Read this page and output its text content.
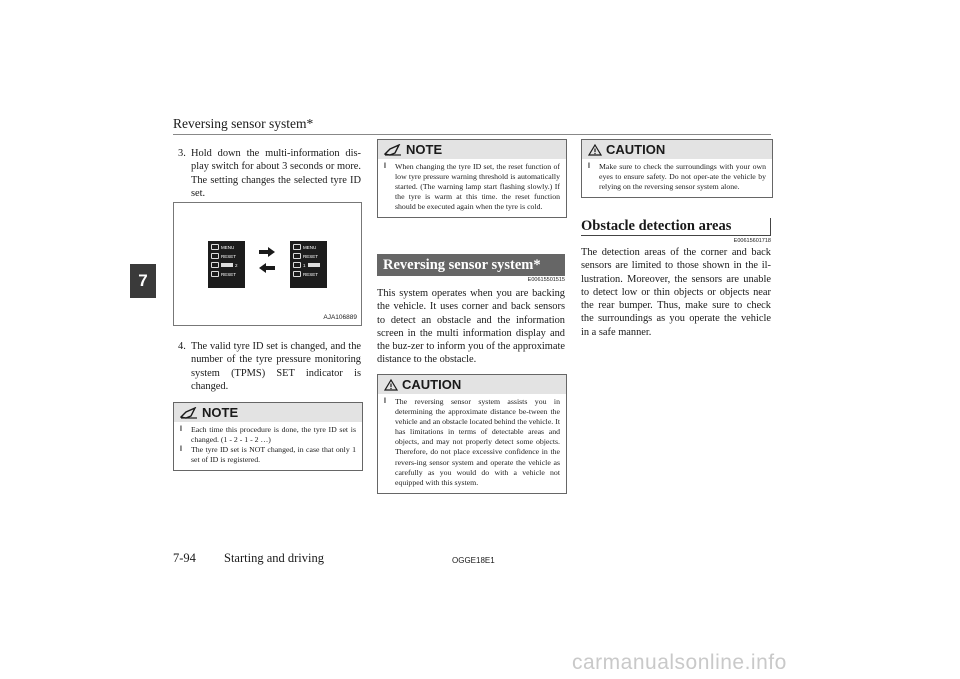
Reversing sensor system*
7
3. Hold down the multi-information dis-play switch for about 3 seconds or more. The setting changes the selected tyre ID set.
MENU
RESET
2
RESET
MENU
RESET
1
RESET
AJA106889
4. The valid tyre ID set is changed, and the number of the tyre pressure monitoring system (TPMS) SET indicator is changed.
NOTE
l Each time this procedure is done, the tyre ID set is changed. (1 - 2 - 1 - 2 …)
l The tyre ID set is NOT changed, in case that only 1 set of ID is registered.
NOTE
l When changing the tyre ID set, the reset function of low tyre pressure warning threshold is automatically started. (The warning lamp start flashing slowly.) If the tyre is warm at this time. the reset function should be executed again when the tyre is cold.
Reversing sensor system*
E00615501515
This system operates when you are backing the vehicle. It uses corner and back sensors to detect an obstacle and the information screen in the multi information display and the buz-zer to inform you of the approximate distance to the obstacle.
CAUTION
l The reversing sensor system assists you in determining the approximate distance be-tween the vehicle and an obstacle located behind the vehicle. It has limitations in terms of detectable areas and objects, and may not properly detect some objects. Therefore, do not place excessive confidence in the revers-ing sensor system and operate the vehicle as carefully as you would do with a vehicle not equipped with this system.
CAUTION
l Make sure to check the surroundings with your own eyes to ensure safety. Do not oper-ate the vehicle by relying on the reversing sensor system alone.
Obstacle detection areas
E00615601718
The detection areas of the corner and back sensors are limited to those shown in the il-lustration. Moreover, the sensors are unable to detect low or thin objects or objects near the rear bumper. Thus, make sure to check the surroundings as you operate the vehicle in a safe manner.
7-94 Starting and driving	OGGE18E1
carmanualsonline.info
